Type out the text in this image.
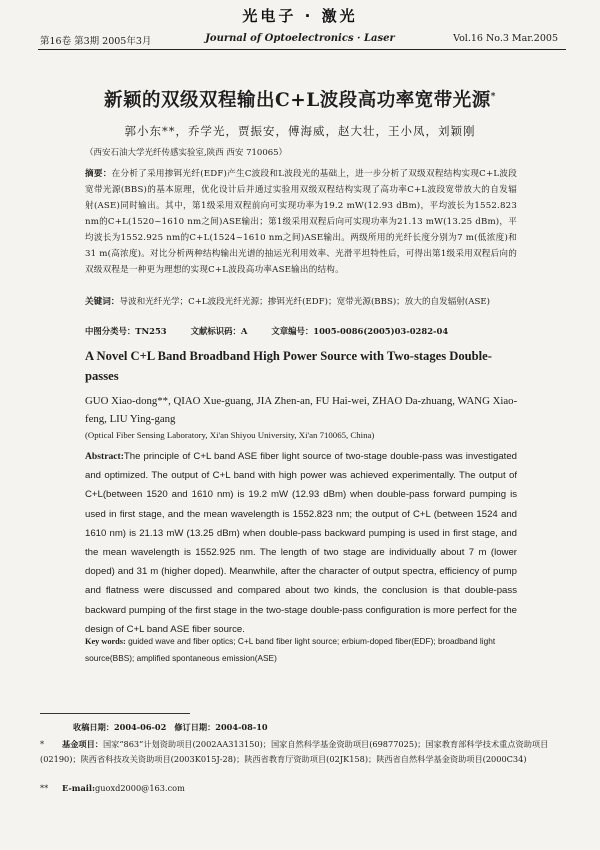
光电子 · 激光
第16卷 第3期 2005年3月	Journal of Optoelectronics · Laser	Vol.16 No.3 Mar.2005
新颖的双级双程输出C+L波段高功率宽带光源*
郭小东**，乔学光，贾振安，傅海威，赵大壮，王小凤，刘颖刚
（西安石油大学光纤传感实验室,陕西 西安 710065）
摘要：在分析了采用掺铒光纤(EDF)产生C波段和L波段光的基础上，进一步分析了双级双程结构实现C+L波段宽带光源(BBS)的基本原理，优化设计后并通过实验用双级双程结构实现了高功率C+L波段宽带放大的自发辐射(ASE)同时输出。其中，第1级采用双程前向可实现功率为19.2 mW(12.93 dBm)，平均波长为1552.823 nm的C+L(1520~1610 nm之间)ASE输出；第1级采用双程后向可实现功率为21.13 mW(13.25 dBm)，平均波长为1552.925 nm的C+L(1524~1610 nm之间)ASE输出。两级所用的光纤长度分别为7 m(低浓度)和31 m(高浓度)。对比分析两种结构输出光谱的抽运光利用效率、光滑平坦特性后，可得出第1级采用双程后向的双级双程是一种更为理想的实现C+L波段高功率ASE输出的结构。
关键词：导波和光纤光学；C+L波段光纤光源；掺铒光纤(EDF)；宽带光源(BBS)；放大的自发辐射(ASE)
中图分类号：TN253	文献标识码：A	文章编号：1005-0086(2005)03-0282-04
A Novel C+L Band Broadband High Power Source with Two-stages Double-passes
GUO Xiao-dong**, QIAO Xue-guang, JIA Zhen-an, FU Hai-wei, ZHAO Da-zhuang, WANG Xiao-feng, LIU Ying-gang
(Optical Fiber Sensing Laboratory, Xi'an Shiyou University, Xi'an 710065, China)
Abstract:The principle of C+L band ASE fiber light source of two-stage double-pass was investigated and optimized. The output of C+L band with high power was achieved experimentally. The output of C+L(between 1520 and 1610 nm) is 19.2 mW (12.93 dBm) when double-pass forward pumping is used in first stage, and the mean wavelength is 1552.823 nm; the output of C+L (between 1524 and 1610 nm) is 21.13 mW (13.25 dBm) when double-pass backward pumping is used in first stage, and the mean wavelength is 1552.925 nm. The length of two stage are individually about 7 m (lower doped) and 31 m (higher doped). Meanwhile, after the character of output spectra, efficiency of pump and flatness were discussed and compared about two kinds, the conclusion is that double-pass backward pumping of the first stage in the two-stage double-pass configuration is more perfect for the design of C+L band ASE fiber source.
Key words: guided wave and fiber optics; C+L band fiber light source; erbium-doped fiber(EDF); broadband light source(BBS); amplified spontaneous emission(ASE)
收稿日期：2004-06-02 修订日期：2004-08-10
* 基金项目：国家“863”计划资助项目(2002AA313150)；国家自然科学基金资助项目(69877025)；国家教育部科学技术重点资助项目(02190)；陕西省科技攻关资助项目(2003K015J-28)；陕西省教育厅资助项目(02JK158)；陕西省自然科学基金资助项目(2000C34)
** E-mail:guoxd2000@163.com
